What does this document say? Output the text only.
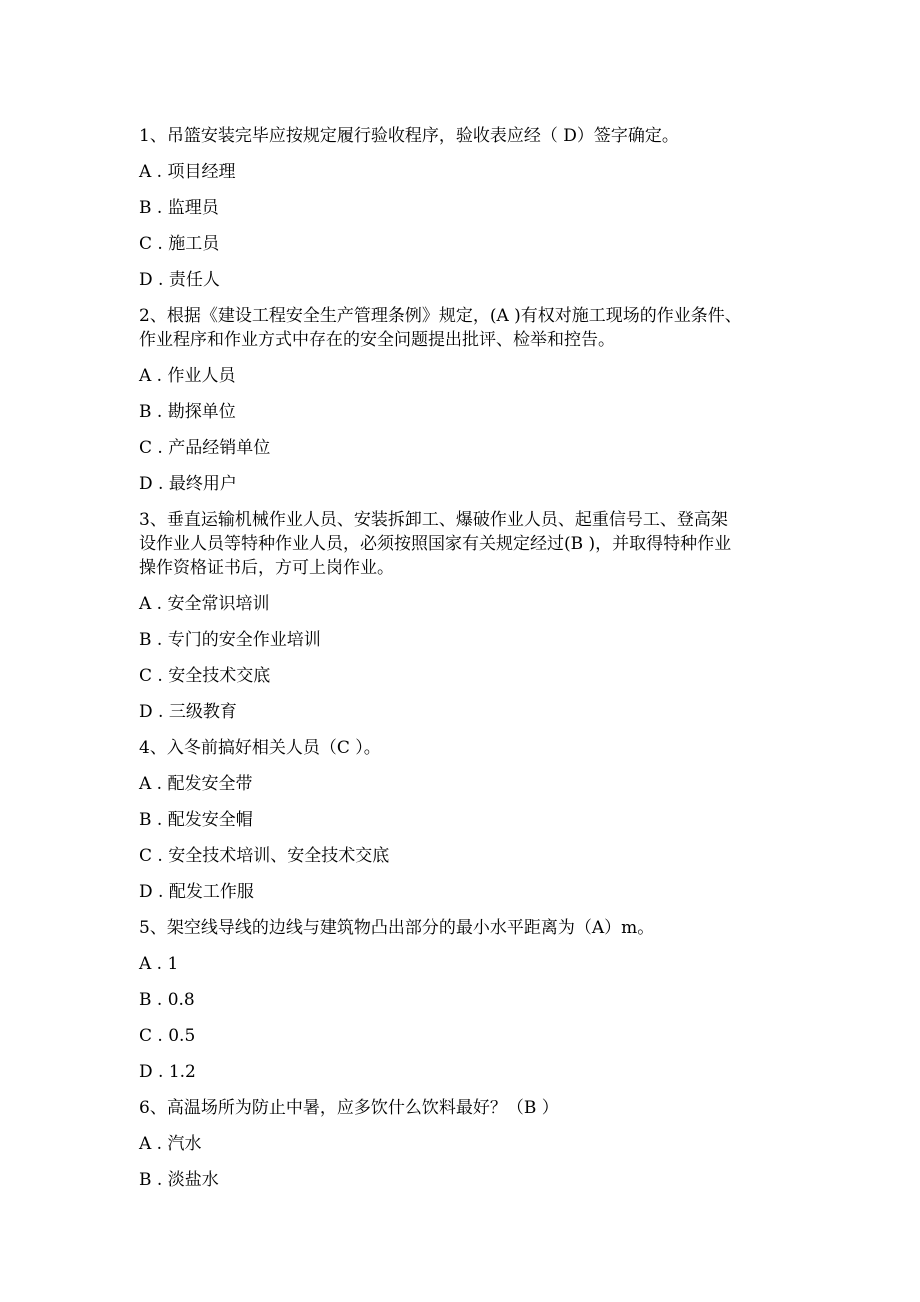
1、吊篮安装完毕应按规定履行验收程序，验收表应经（ D）签字确定。

A . 项目经理

B . 监理员

C . 施工员

D . 责任人

2、根据《建设工程安全生产管理条例》规定，(A )有权对施工现场的作业条件、
作业程序和作业方式中存在的安全问题提出批评、检举和控告。

A . 作业人员

B . 勘探单位

C . 产品经销单位

D . 最终用户

3、垂直运输机械作业人员、安装拆卸工、爆破作业人员、起重信号工、登高架
设作业人员等特种作业人员，必须按照国家有关规定经过(B )，并取得特种作业
操作资格证书后，方可上岗作业。

A . 安全常识培训

B . 专门的安全作业培训

C . 安全技术交底

D . 三级教育

4、入冬前搞好相关人员（C ）。

A . 配发安全带

B . 配发安全帽

C . 安全技术培训、安全技术交底

D . 配发工作服

5、架空线导线的边线与建筑物凸出部分的最小水平距离为（A）m。

A . 1

B . 0.8

C . 0.5

D . 1.2

6、高温场所为防止中暑，应多饮什么饮料最好？（B ）

A . 汽水

B . 淡盐水
